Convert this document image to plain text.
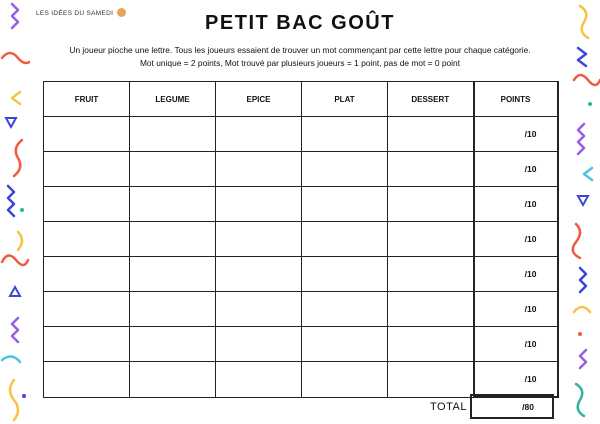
LES IDÉES DU SAMEDI	PETIT BAC GOÛT
Un joueur pioche une lettre. Tous les joueurs essaient de trouver un mot commençant par cette lettre pour chaque catégorie.
Mot unique = 2 points, Mot trouvé par plusieurs joueurs = 1 point, pas de mot = 0 point
FRUIT	LEGUME	EPICE	PLAT	DESSERT	POINTS
					/10
					/10
					/10
					/10
					/10
					/10
					/10
					/10
TOTAL	/80
